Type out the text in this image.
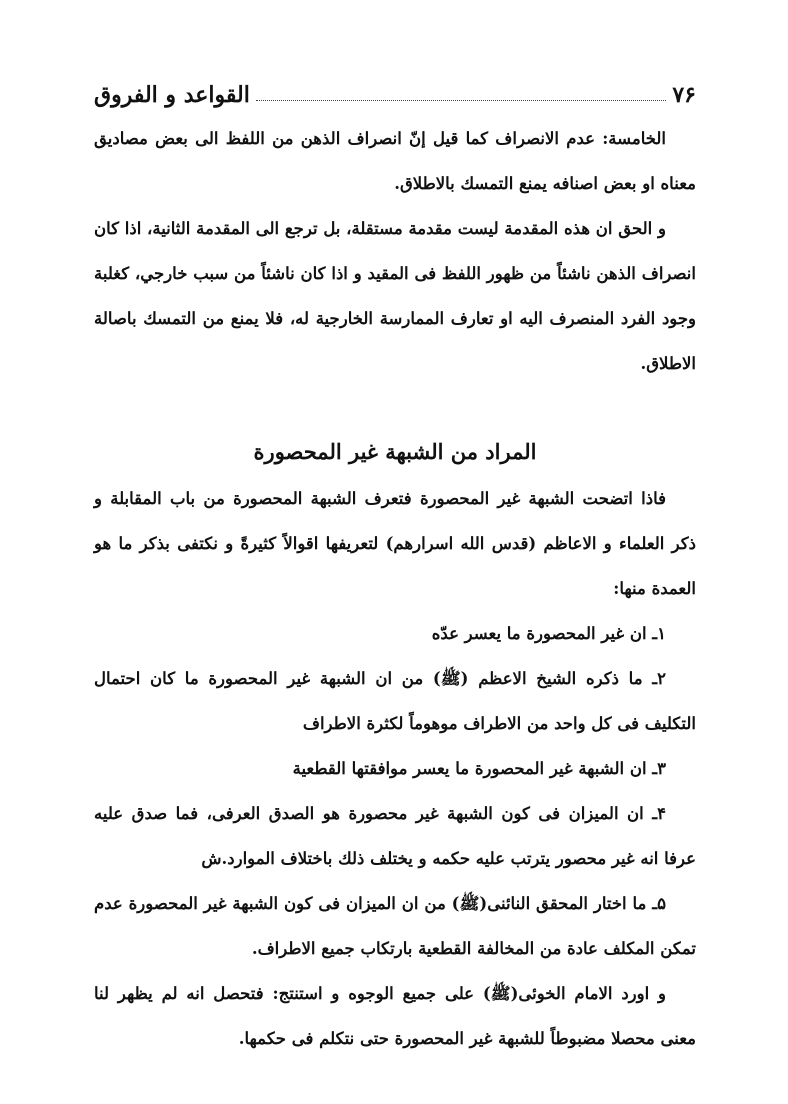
٧۶
القواعد و الفروق

الخامسة: عدم الانصراف كما قيل إنّ انصراف الذهن من اللفظ الى بعض مصاديق معناه او بعض اصنافه يمنع التمسك بالاطلاق.

و الحق ان هذه المقدمة ليست مقدمة مستقلة، بل ترجع الى المقدمة الثانية، اذا كان انصراف الذهن ناشئاً من ظهور اللفظ فى المقيد و اذا كان ناشئاً من سبب خارجي، كغلبة وجود الفرد المنصرف اليه او تعارف الممارسة الخارجية له، فلا يمنع من التمسك باصالة الاطلاق.

المراد من الشبهة غير المحصورة

فاذا اتضحت الشبهة غير المحصورة فتعرف الشبهة المحصورة من باب المقابلة و ذكر العلماء و الاعاظم (قدس الله اسرارهم) لتعريفها اقوالاً كثيرةً و نكتفى بذكر ما هو العمدة منها:

١ـ ان غير المحصورة ما يعسر عدّه

٢ـ ما ذكره الشيخ الاعظم (ﷺ) من ان الشبهة غير المحصورة ما كان احتمال التكليف فى كل واحد من الاطراف موهوماً لكثرة الاطراف

٣ـ ان الشبهة غير المحصورة ما يعسر موافقتها القطعية

۴ـ ان الميزان فى كون الشبهة غير محصورة هو الصدق العرفى، فما صدق عليه عرفا انه غير محصور يترتب عليه حكمه و يختلف ذلك باختلاف الموارد.ش

۵ـ ما اختار المحقق النائنى(ﷺ) من ان الميزان فى كون الشبهة غير المحصورة عدم تمكن المكلف عادة من المخالفة القطعية بارتكاب جميع الاطراف.

و اورد الامام الخوئى(ﷺ) على جميع الوجوه و استنتج: فتحصل انه لم يظهر لنا معنى محصلا مضبوطاً للشبهة غير المحصورة حتى نتكلم فى حكمها.
